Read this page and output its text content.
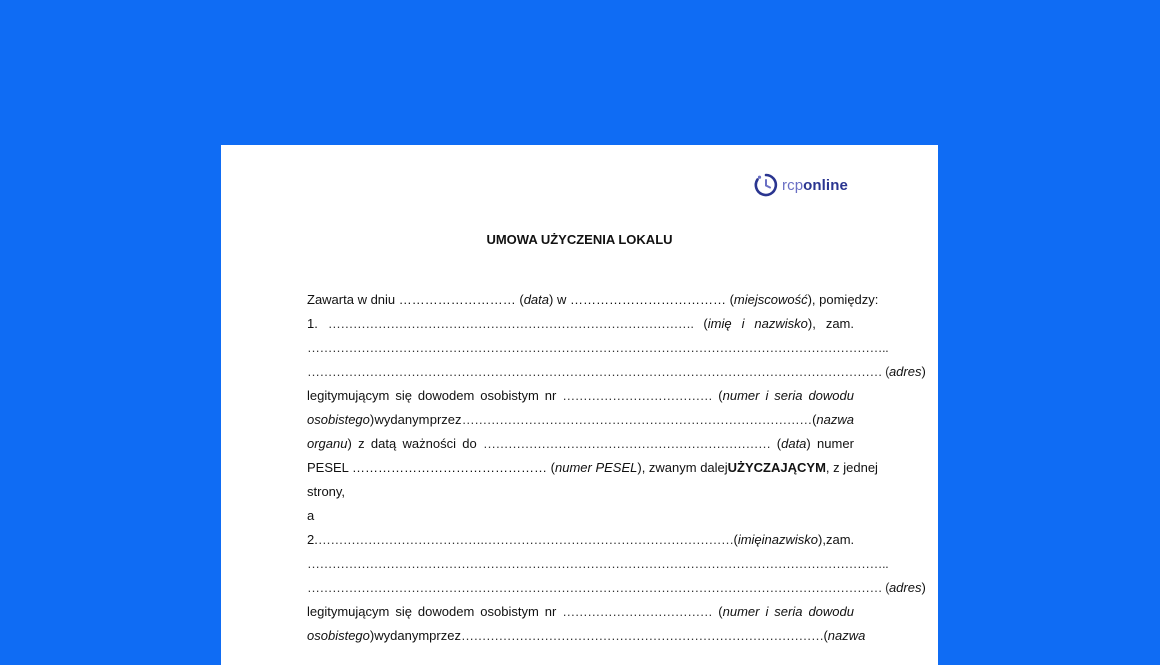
rcponline
UMOWA UŻYCZENIA LOKALU
Zawarta w dniu ……………………… ( data ) w ……………………………… ( miejscowość ), pomiędzy:
1. ……………………………………………………………………………. (imię i nazwisko), zam.
…………………………………………………………………………………………………………………………..
………………………………………………………………………………………………………………………… ( adres)
legitymującym się dowodem osobistym nr ……………………………… (numer i seria dowodu
osobistego) wydanym przez ………………………………………………………………………… (nazwa
organu) z datą ważności do …………………………………………………………… (data) numer
PESEL ……………………………………… ( numer PESEL ), zwanym dalej UŻYCZAJĄCYM , z jednej
strony,
a
2. ………………………………….…………………………………………………… (imię i nazwisko), zam.
…………………………………………………………………………………………………………………………..
………………………………………………………………………………………………………………………… ( adres)
legitymującym się dowodem osobistym nr ……………………………… (numer i seria dowodu
osobistego) wydanym przez …………………………………………………………………………… (nazwa
